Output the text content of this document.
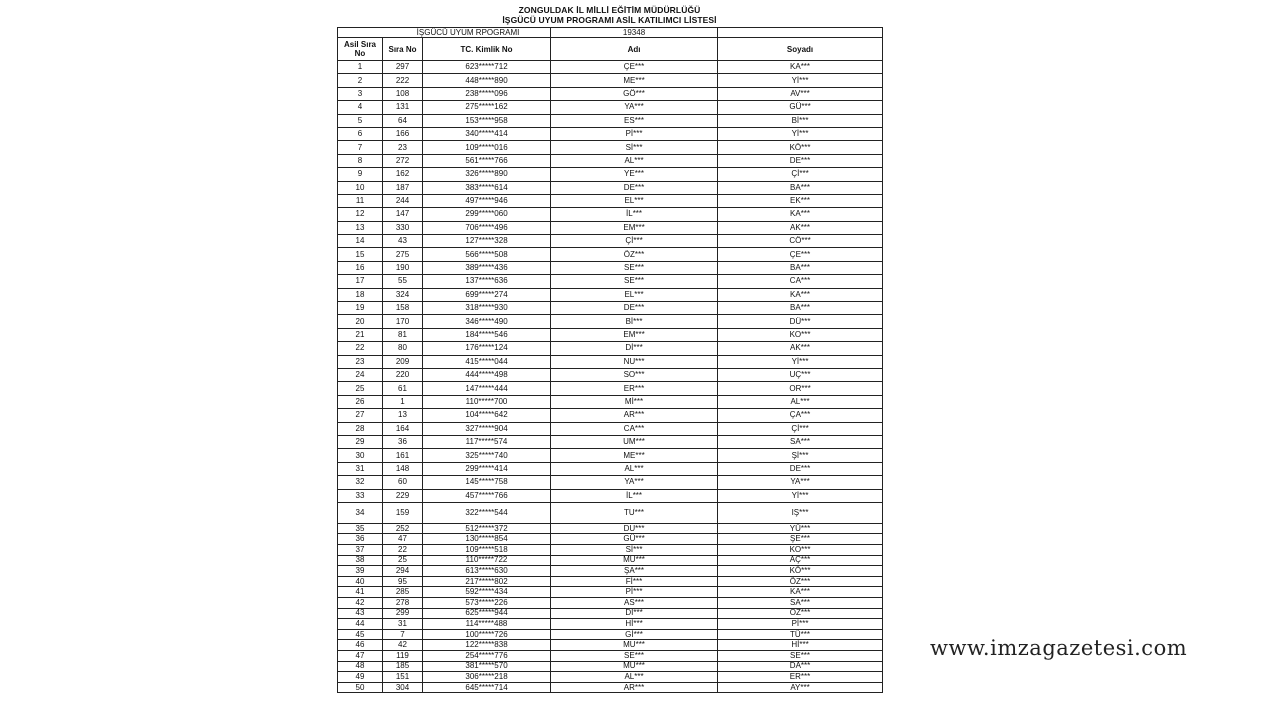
ZONGULDAK İL MİLLİ EĞİTİM MÜDÜRLÜĞÜ
İŞGÜCÜ UYUM PROGRAMI ASİL KATILIMCI LİSTESİ
İŞGÜCÜ UYUM RPOGRAMI			19348	
Asil Sıra No	Sıra No	TC. Kimlik No	Adı	Soyadı
1	297	623*****712	ÇE***	KA***
2	222	448*****890	ME***	Yİ***
3	108	238*****096	GÖ***	AV***
4	131	275*****162	YA***	GÜ***
5	64	153*****958	ES***	Bİ***
6	166	340*****414	Pİ***	Yİ***
7	23	109*****016	Sİ***	KÖ***
8	272	561*****766	AL***	DE***
9	162	326*****890	YE***	Çİ***
10	187	383*****614	DE***	BA***
11	244	497*****946	EL***	EK***
12	147	299*****060	İL***	KA***
13	330	706*****496	EM***	AK***
14	43	127*****328	Çİ***	CÖ***
15	275	566*****508	ÖZ***	ÇE***
16	190	389*****436	SE***	BA***
17	55	137*****636	SE***	CA***
18	324	699*****274	EL***	KA***
19	158	318*****930	DE***	BA***
20	170	346*****490	Bİ***	DÜ***
21	81	184*****546	EM***	KO***
22	80	176*****124	Dİ***	AK***
23	209	415*****044	NU***	Yİ***
24	220	444*****498	SO***	UÇ***
25	61	147*****444	ER***	OR***
26	1	110*****700	Mİ***	AL***
27	13	104*****642	AR***	ÇA***
28	164	327*****904	CA***	Çİ***
29	36	117*****574	UM***	SA***
30	161	325*****740	ME***	Şİ***
31	148	299*****414	AL***	DE***
32	60	145*****758	YA***	YA***
33	229	457*****766	İL***	Yİ***
34	159	322*****544	TU***	IŞ***
35	252	512*****372	DU***	YÜ***
36	47	130*****854	GÜ***	ŞE***
37	22	109*****518	Sİ***	KO***
38	25	110*****722	MU***	AÇ***
39	294	613*****630	ŞA***	KÖ***
40	95	217*****802	Fİ***	ÖZ***
41	285	592*****434	Pİ***	KA***
42	278	573*****226	AS***	SA***
43	299	625*****944	Dİ***	ÖZ***
44	31	114*****488	Hİ***	Pİ***
45	7	100*****726	Gİ***	TÜ***
46	42	122*****838	MU***	Hİ***
47	119	254*****776	SE***	SE***
48	185	381*****570	MU***	DA***
49	151	306*****218	AL***	ER***
50	304	645*****714	AR***	AY***
www.imzagazetesi.com
